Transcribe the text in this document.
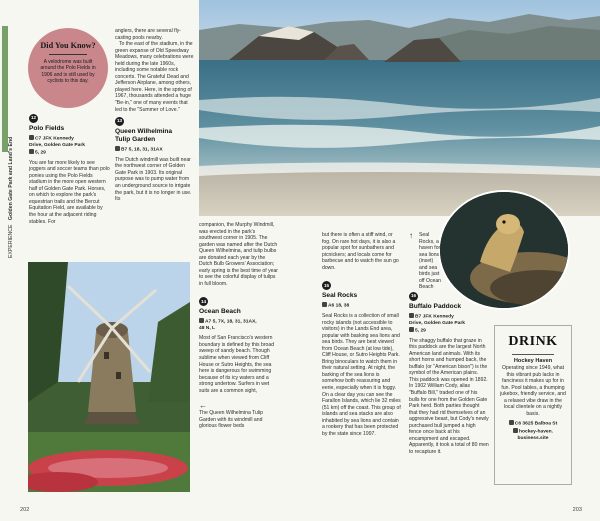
EXPERIENCE Golden Gate Park and Land's End
Did You Know?
A velodrome was built around the Polo Fields in 1906 and is still used by cyclists to this day.
12
Polo Fields
C7 JFK Kennedy
Drive, Golden Gate Park
5, 29

You are far more likely to see joggers and soccer teams than polo ponies using the Polo Fields stadium in the more open western half of Golden Gate Park. Horses, on which to explore the park's equestrian trails and the Bercut Equitation Field, are available by the hour at the adjacent riding stables. For

anglers, there are several fly-casting pools nearby.

To the east of the stadium, in the green expanse of Old Speedway Meadows, many celebrations were held during the late 1960s, including some notable rock concerts. The Grateful Dead and Jefferson Airplane, among others, played here. Here, in the spring of 1967, thousands attended a huge "Be-in," one of many events that led to the "Summer of Love."

13
Queen Wilhelmina
Tulip Garden
B7 5, 18, 31, 31AX

The Dutch windmill was built near the northwest corner of Golden Gate Park in 1903. Its original purpose was to pump water from an underground source to irrigate the park, but it is no longer in use. Its

companion, the Murphy Windmill, was erected in the park's southwest corner in 1905. The garden was named after the Dutch Queen Wilhelmina, and tulip bulbs are donated each year by the Dutch Bulb Growers' Association; early spring is the best time of year to see the colorful display of tulips in full bloom.

14
Ocean Beach
A7 5, 7X, 18, 31, 31AX,
48 N, L

Most of San Francisco's western boundary is defined by this broad sweep of sandy beach. Though sublime when viewed from Cliff House or Sutro Heights, the sea here is dangerous for swimming because of its icy waters and a strong undertow. Surfers in wet suits are a common sight,

←

The Queen Wilhelmina Tulip Garden with its windmill and glorious flower beds

but there is often a stiff wind, or fog. On rare hot days, it is also a popular spot for sunbathers and picnickers; and locals come for barbecue and to watch the sun go down.

15
Seal Rocks
A6 18, 38

Seal Rocks is a collection of small rocky islands (not accessible to visitors) in the Lands End area, popular with basking sea lions and sea birds. They are best viewed from Ocean Beach (at low tide), Cliff House, or Sutro Heights Park. Bring binoculars to watch them in their natural setting. At night, the barking of the sea lions is somehow both reassuring and eerie, especially when it is foggy. On a clear day you can see the Farallon Islands, which lie 32 miles (51 km) off the coast. This group of islands and sea stacks are also inhabited by sea lions and contain a rookery that has been protected by the state since 1997.

↑	Seal Rocks, a haven for sea lions (inset) and sea birds just off Ocean Beach

16
Buffalo Paddock
B7 JFK Kennedy
Drive, Golden Gate Park
5, 29

The shaggy buffalo that graze in this paddock are the largest North American land animals. With its short horns and humped back, the buffalo (or "American bison") is the symbol of the American plains. This paddock was opened in 1892. In 1902 William Cody, alias "Buffalo Bill," traded one of his bulls for one from the Golden Gate Park herd. Both parties thought that they had rid themselves of an aggressive beast, but Cody's newly purchased bull jumped a high fence once back at his encampment and escaped. Apparently, it took a total of 80 men to recapture it.

DRINK
Hockey Haven
Operating since 1949, what this vibrant pub lacks in fanciness it makes up for in fun. Pool tables, a thumping jukebox, friendly service, and a relaxed vibe draw in the local clientele on a nightly basis.
C6 3625 Balboa St
hockey-haven.
business.site
202	203
